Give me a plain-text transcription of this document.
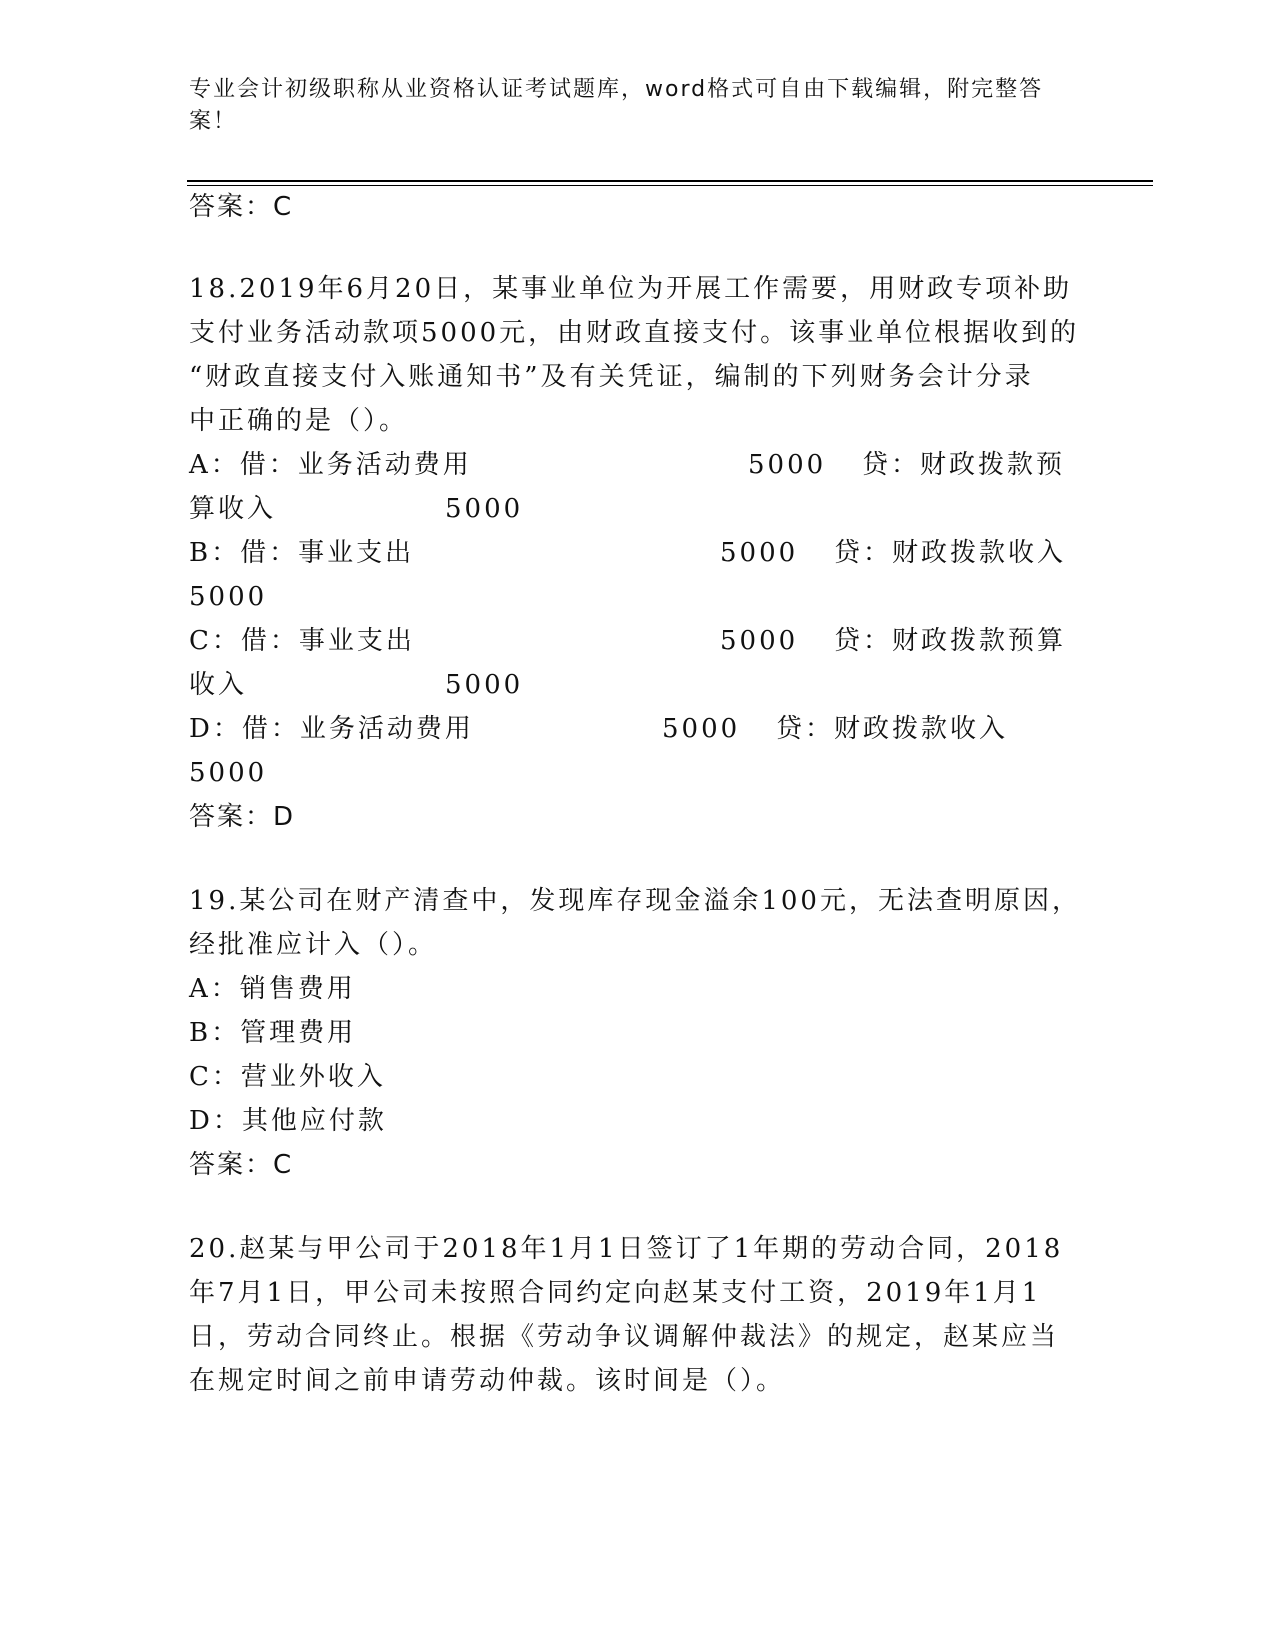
专业会计初级职称从业资格认证考试题库，word格式可自由下载编辑，附完整答案！
答案：C
18.2019年6月20日，某事业单位为开展工作需要，用财政专项补助
支付业务活动款项5000元，由财政直接支付。该事业单位根据收到的
“财政直接支付入账通知书”及有关凭证，编制的下列财务会计分录
中正确的是（）。
A：借：业务活动费用	5000 贷：财政拨款预
算收入	5000
B：借：事业支出	5000 贷：财政拨款收入
5000
C：借：事业支出	5000 贷：财政拨款预算
收入	5000
D：借：业务活动费用	5000 贷：财政拨款收入
5000
答案：D
19.某公司在财产清查中，发现库存现金溢余100元，无法查明原因，
经批准应计入（）。
A：销售费用
B：管理费用
C：营业外收入
D：其他应付款
答案：C
20.赵某与甲公司于2018年1月1日签订了1年期的劳动合同，2018
年7月1日，甲公司未按照合同约定向赵某支付工资，2019年1月1
日，劳动合同终止。根据《劳动争议调解仲裁法》的规定，赵某应当
在规定时间之前申请劳动仲裁。该时间是（）。
